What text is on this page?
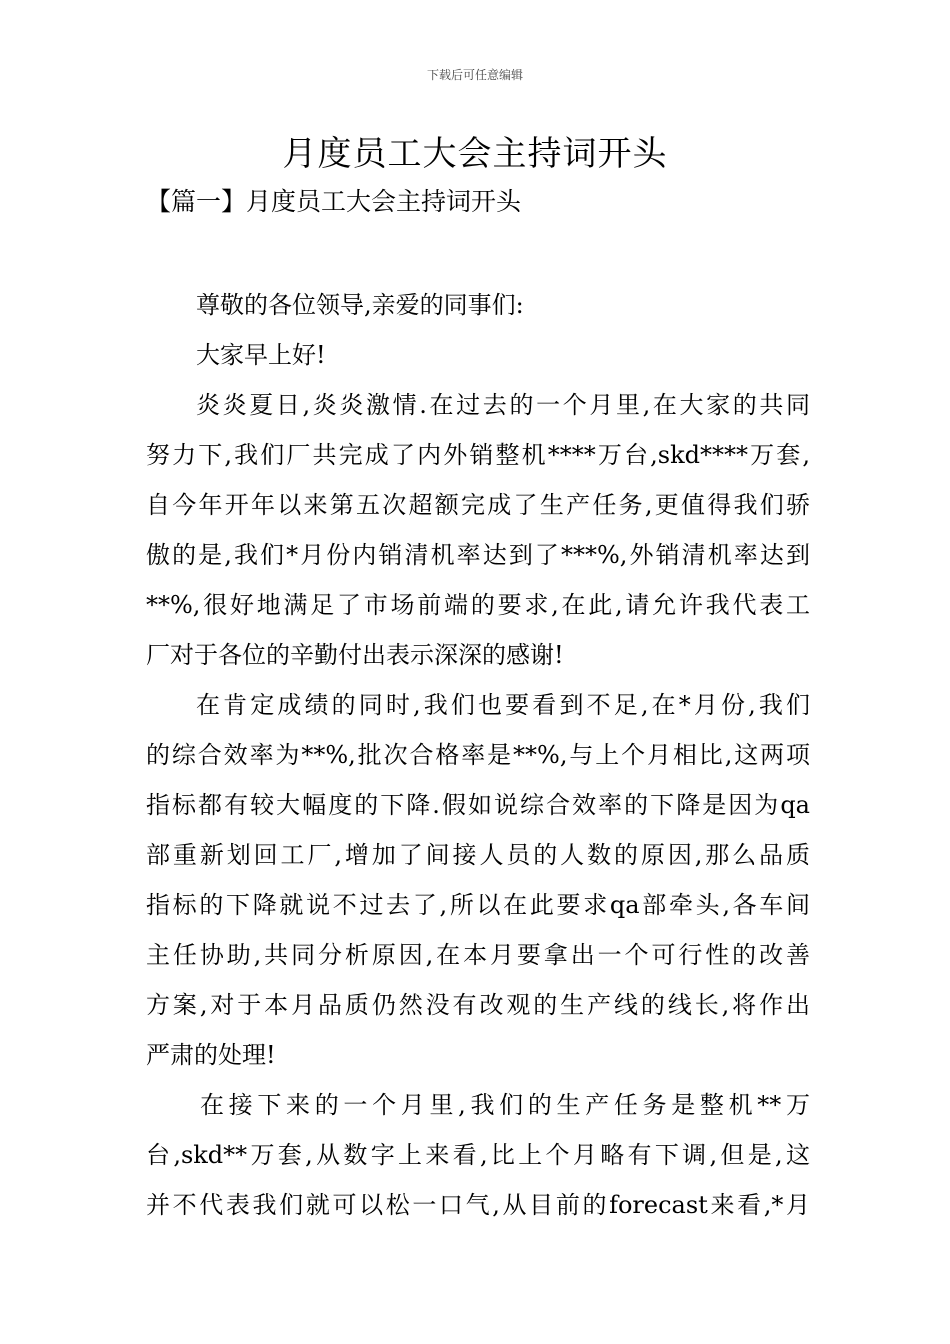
下载后可任意编辑
月度员工大会主持词开头
【篇一】月度员工大会主持词开头
尊敬的各位领导,亲爱的同事们:
大家早上好!
炎炎夏日,炎炎激情.在过去的一个月里,在大家的共同
努力下,我们厂共完成了内外销整机****万台,skd****万套,
自今年开年以来第五次超额完成了生产任务,更值得我们骄
傲的是,我们*月份内销清机率达到了***%,外销清机率达到
**%,很好地满足了市场前端的要求,在此,请允许我代表工
厂对于各位的辛勤付出表示深深的感谢!
在肯定成绩的同时,我们也要看到不足,在*月份,我们
的综合效率为**%,批次合格率是**%,与上个月相比,这两项
指标都有较大幅度的下降.假如说综合效率的下降是因为qa
部重新划回工厂,增加了间接人员的人数的原因,那么品质
指标的下降就说不过去了,所以在此要求qa部牵头,各车间
主任协助,共同分析原因,在本月要拿出一个可行性的改善
方案,对于本月品质仍然没有改观的生产线的线长,将作出
严肃的处理!
在接下来的一个月里,我们的生产任务是整机**万
台,skd**万套,从数字上来看,比上个月略有下调,但是,这
并不代表我们就可以松一口气,从目前的forecast来看,*月
